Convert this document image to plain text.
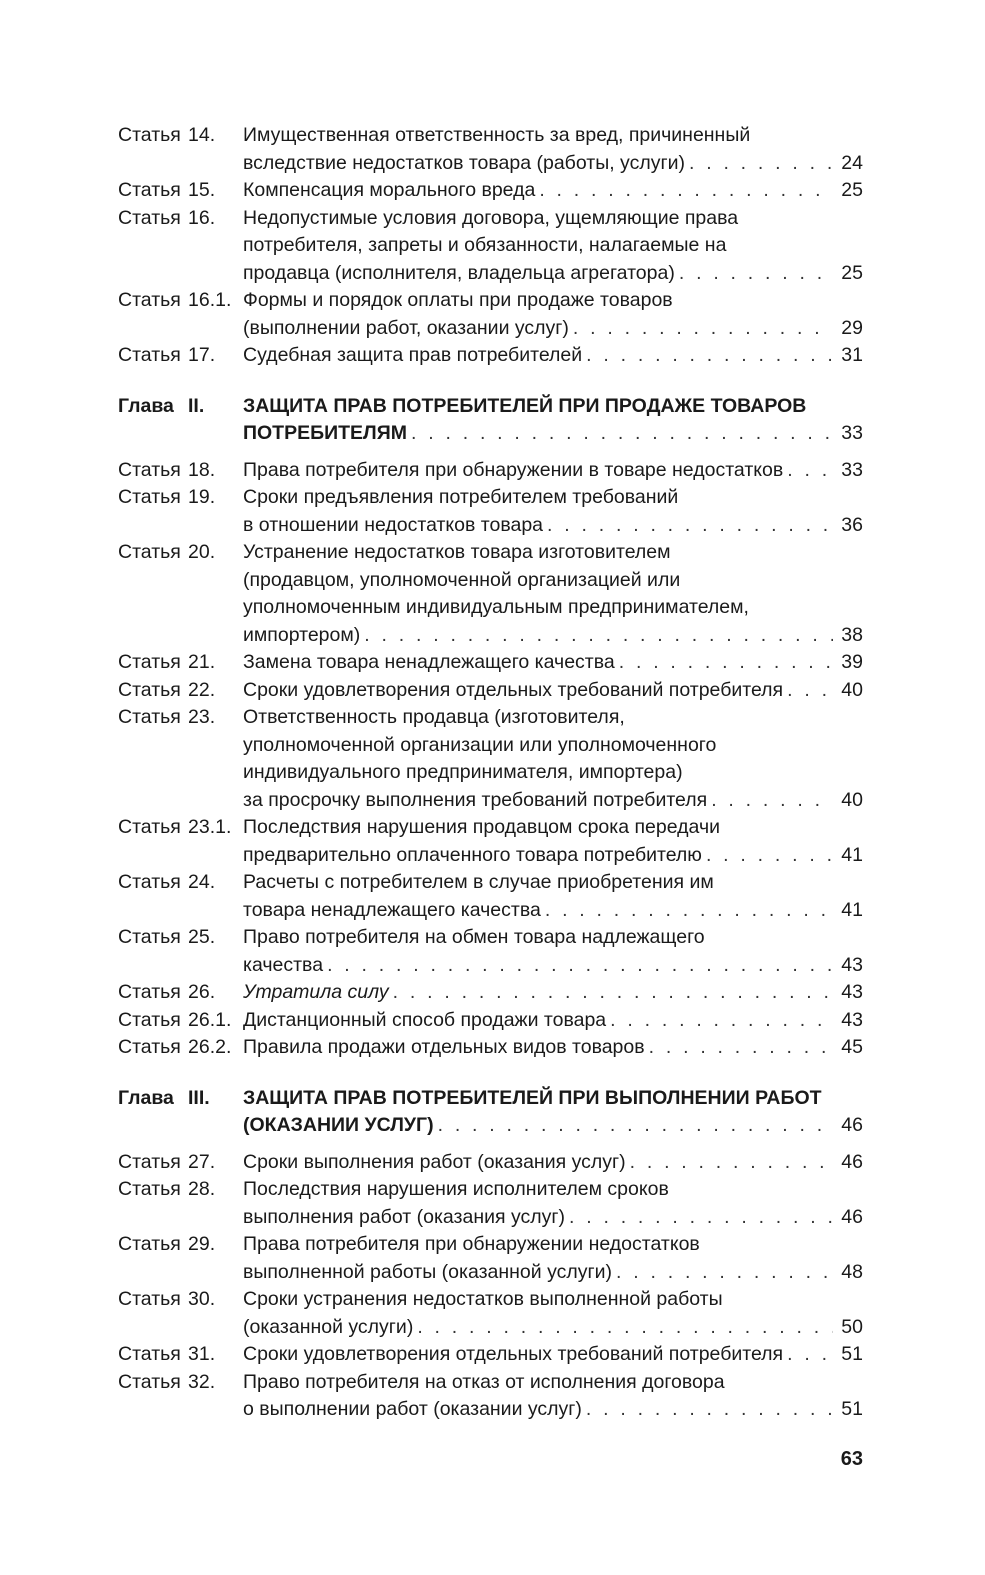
Статья 14.	Имущественная ответственность за вред, причиненный
вследствие недостатков товара (работы, услуги) . . .	24
Статья 15.	Компенсация морального вреда . . .	25
Статья 16.	Недопустимые условия договора, ущемляющие права
потребителя, запреты и обязанности, налагаемые на
продавца (исполнителя, владельца агрегатора) . . .	25
Статья 16.1. Формы и порядок оплаты при продаже товаров
(выполнении работ, оказании услуг) . . .	29
Статья 17.	Судебная защита прав потребителей . . .	31
Глава II.	ЗАЩИТА ПРАВ ПОТРЕБИТЕЛЕЙ ПРИ ПРОДАЖЕ ТОВАРОВ
ПОТРЕБИТЕЛЯМ . . .	33
Статья 18.	Права потребителя при обнаружении в товаре недостатков . . .	33
Статья 19.	Сроки предъявления потребителем требований
в отношении недостатков товара . . .	36
Статья 20.	Устранение недостатков товара изготовителем
(продавцом, уполномоченной организацией или
уполномоченным индивидуальным предпринимателем,
импортером) . . .	38
Статья 21.	Замена товара ненадлежащего качества . . .	39
Статья 22.	Сроки удовлетворения отдельных требований потребителя . . .	40
Статья 23.	Ответственность продавца (изготовителя,
уполномоченной организации или уполномоченного
индивидуального предпринимателя, импортера)
за просрочку выполнения требований потребителя . . .	40
Статья 23.1. Последствия нарушения продавцом срока передачи
предварительно оплаченного товара потребителю . . .	41
Статья 24.	Расчеты с потребителем в случае приобретения им
товара ненадлежащего качества . . .	41
Статья 25.	Право потребителя на обмен товара надлежащего
качества . . .	43
Статья 26.	Утратила силу . . .	43
Статья 26.1. Дистанционный способ продажи товара . . .	43
Статья 26.2. Правила продажи отдельных видов товаров . . .	45
Глава III.	ЗАЩИТА ПРАВ ПОТРЕБИТЕЛЕЙ ПРИ ВЫПОЛНЕНИИ РАБОТ
(ОКАЗАНИИ УСЛУГ) . . .	46
Статья 27.	Сроки выполнения работ (оказания услуг) . . .	46
Статья 28.	Последствия нарушения исполнителем сроков
выполнения работ (оказания услуг) . . .	46
Статья 29.	Права потребителя при обнаружении недостатков
выполненной работы (оказанной услуги) . . .	48
Статья 30.	Сроки устранения недостатков выполненной работы
(оказанной услуги) . . .	50
Статья 31.	Сроки удовлетворения отдельных требований потребителя . . .	51
Статья 32.	Право потребителя на отказ от исполнения договора
о выполнении работ (оказании услуг) . . .	51
63
